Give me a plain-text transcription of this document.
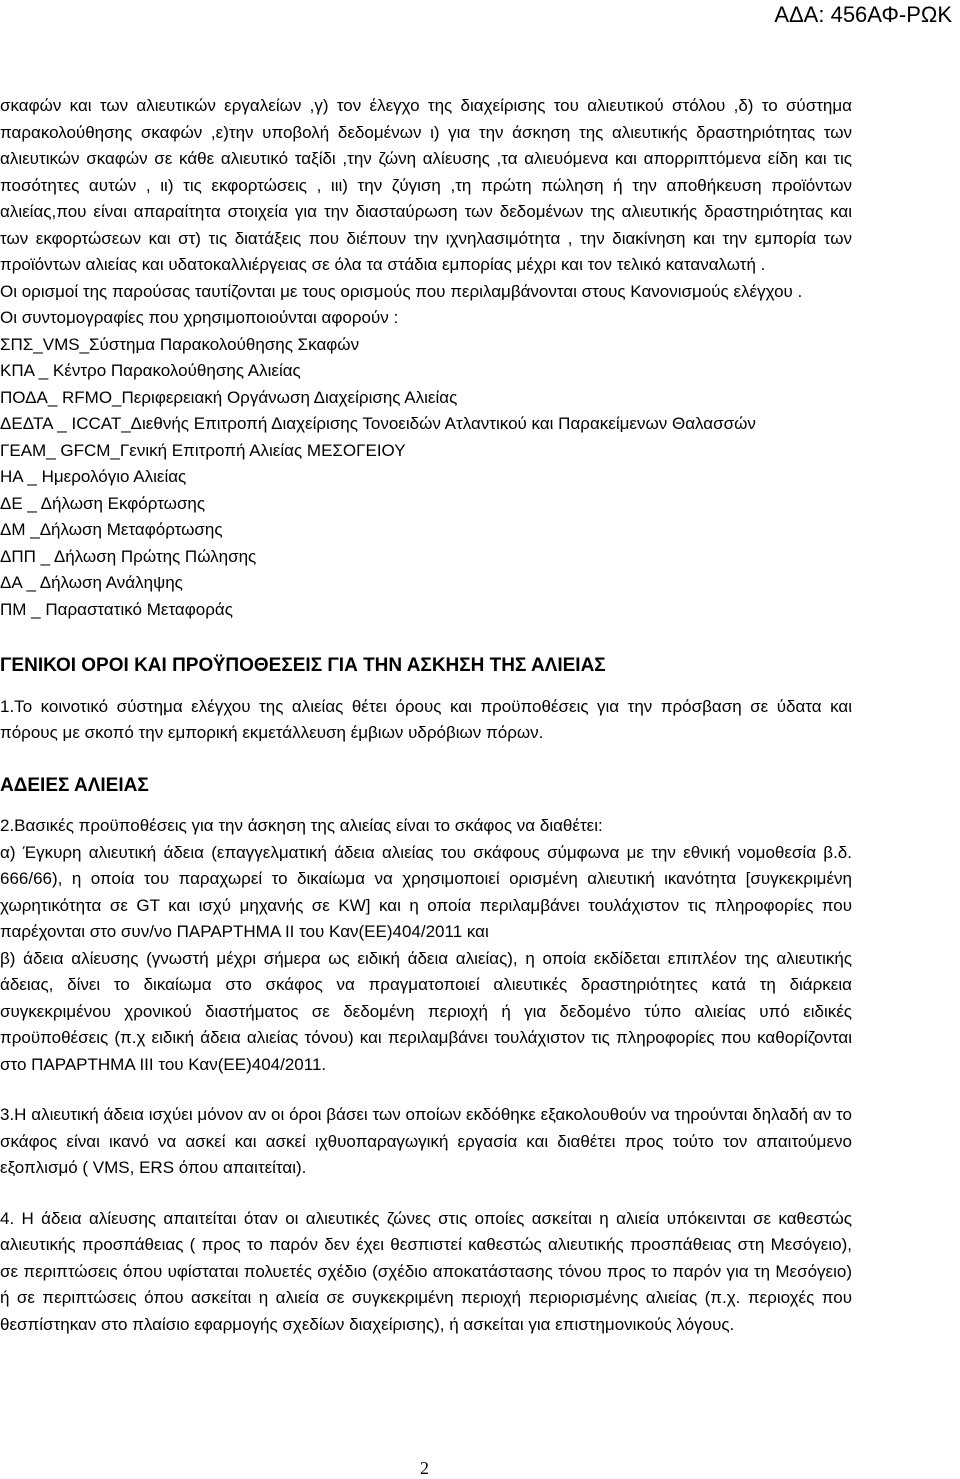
ΑΔΑ: 456ΑΦ-ΡΩΚ

σκαφών και των αλιευτικών εργαλείων ,γ) τον έλεγχο της διαχείρισης του αλιευτικού στόλου ,δ) το σύστημα παρακολούθησης σκαφών ,ε)την υποβολή δεδομένων ι) για την άσκηση της αλιευτικής δραστηριότητας των αλιευτικών σκαφών σε κάθε αλιευτικό ταξίδι ,την ζώνη αλίευσης ,τα αλιευόμενα και απορριπτόμενα είδη και τις ποσότητες αυτών , ιι) τις εκφορτώσεις , ιιι) την ζύγιση ,τη πρώτη πώληση ή την αποθήκευση προϊόντων αλιείας,που είναι απαραίτητα στοιχεία για την διασταύρωση των δεδομένων της αλιευτικής δραστηριότητας και των εκφορτώσεων και στ) τις διατάξεις που διέπουν την ιχνηλασιμότητα , την διακίνηση και την εμπορία των προϊόντων αλιείας και υδατοκαλλιέργειας σε όλα τα στάδια εμπορίας μέχρι και τον τελικό καταναλωτή .

Οι ορισμοί της παρούσας ταυτίζονται με τους ορισμούς που περιλαμβάνονται στους Κανονισμούς ελέγχου .

Οι συντομογραφίες που χρησιμοποιούνται αφορούν :

ΣΠΣ_VMS_Σύστημα Παρακολούθησης Σκαφών

ΚΠΑ _ Κέντρο Παρακολούθησης Αλιείας

ΠΟΔΑ_ RFMO_Περιφερειακή Οργάνωση Διαχείρισης Αλιείας

ΔΕΔΤΑ _ ICCAT_Διεθνής Επιτροπή Διαχείρισης Τονοειδών Ατλαντικού και Παρακείμενων Θαλασσών

ΓΕΑΜ_ GFCM_Γενική Επιτροπή Αλιείας ΜΕΣΟΓΕΙΟΥ

ΗΑ _ Ημερολόγιο Αλιείας

ΔΕ _ Δήλωση Εκφόρτωσης

ΔΜ _Δήλωση Μεταφόρτωσης

ΔΠΠ _ Δήλωση Πρώτης Πώλησης

ΔΑ _ Δήλωση Ανάληψης

ΠΜ _ Παραστατικό Μεταφοράς

ΓΕΝΙΚΟΙ ΟΡΟΙ ΚΑΙ ΠΡΟΫΠΟΘΕΣΕΙΣ ΓΙΑ ΤΗΝ ΑΣΚΗΣΗ ΤΗΣ ΑΛΙΕΙΑΣ

1.Το κοινοτικό σύστημα ελέγχου της αλιείας θέτει όρους και προϋποθέσεις για την πρόσβαση σε ύδατα και πόρους με σκοπό την εμπορική εκμετάλλευση έμβιων υδρόβιων πόρων.

ΑΔΕΙΕΣ ΑΛΙΕΙΑΣ

2.Βασικές προϋποθέσεις για την άσκηση της αλιείας είναι το σκάφος να διαθέτει:

α) Έγκυρη αλιευτική άδεια (επαγγελματική άδεια αλιείας του σκάφους σύμφωνα με την εθνική νομοθεσία β.δ. 666/66), η οποία του παραχωρεί το δικαίωμα να χρησιμοποιεί ορισμένη αλιευτική ικανότητα [συγκεκριμένη χωρητικότητα σε GT και ισχύ μηχανής σε KW] και η οποία περιλαμβάνει τουλάχιστον τις πληροφορίες που παρέχονται στο συν/νο ΠΑΡΑΡΤΗΜΑ ΙΙ του Καν(ΕΕ)404/2011 και

β) άδεια αλίευσης (γνωστή μέχρι σήμερα ως ειδική άδεια αλιείας), η οποία εκδίδεται επιπλέον της αλιευτικής άδειας, δίνει το δικαίωμα στο σκάφος να πραγματοποιεί αλιευτικές δραστηριότητες κατά τη διάρκεια συγκεκριμένου χρονικού διαστήματος σε δεδομένη περιοχή ή για δεδομένο τύπο αλιείας υπό ειδικές προϋποθέσεις (π.χ ειδική άδεια αλιείας τόνου) και περιλαμβάνει τουλάχιστον τις πληροφορίες που καθορίζονται στο ΠΑΡΑΡΤΗΜΑ ΙΙΙ του Καν(ΕΕ)404/2011.

3.Η αλιευτική άδεια ισχύει μόνον αν οι όροι βάσει των οποίων εκδόθηκε εξακολουθούν να τηρούνται δηλαδή αν το σκάφος είναι ικανό να ασκεί και ασκεί ιχθυοπαραγωγική εργασία και διαθέτει προς τούτο τον απαιτούμενο εξοπλισμό ( VMS, ERS όπου απαιτείται).

4. Η άδεια αλίευσης απαιτείται όταν οι αλιευτικές ζώνες στις οποίες ασκείται η αλιεία υπόκεινται σε καθεστώς αλιευτικής προσπάθειας ( προς το παρόν δεν έχει θεσπιστεί καθεστώς αλιευτικής προσπάθειας στη Μεσόγειο), σε περιπτώσεις όπου υφίσταται πολυετές σχέδιο (σχέδιο αποκατάστασης τόνου προς το παρόν για τη Μεσόγειο) ή σε περιπτώσεις όπου ασκείται η αλιεία σε συγκεκριμένη περιοχή περιορισμένης αλιείας (π.χ. περιοχές που θεσπίστηκαν στο πλαίσιο εφαρμογής σχεδίων διαχείρισης), ή ασκείται για επιστημονικούς λόγους.

2
